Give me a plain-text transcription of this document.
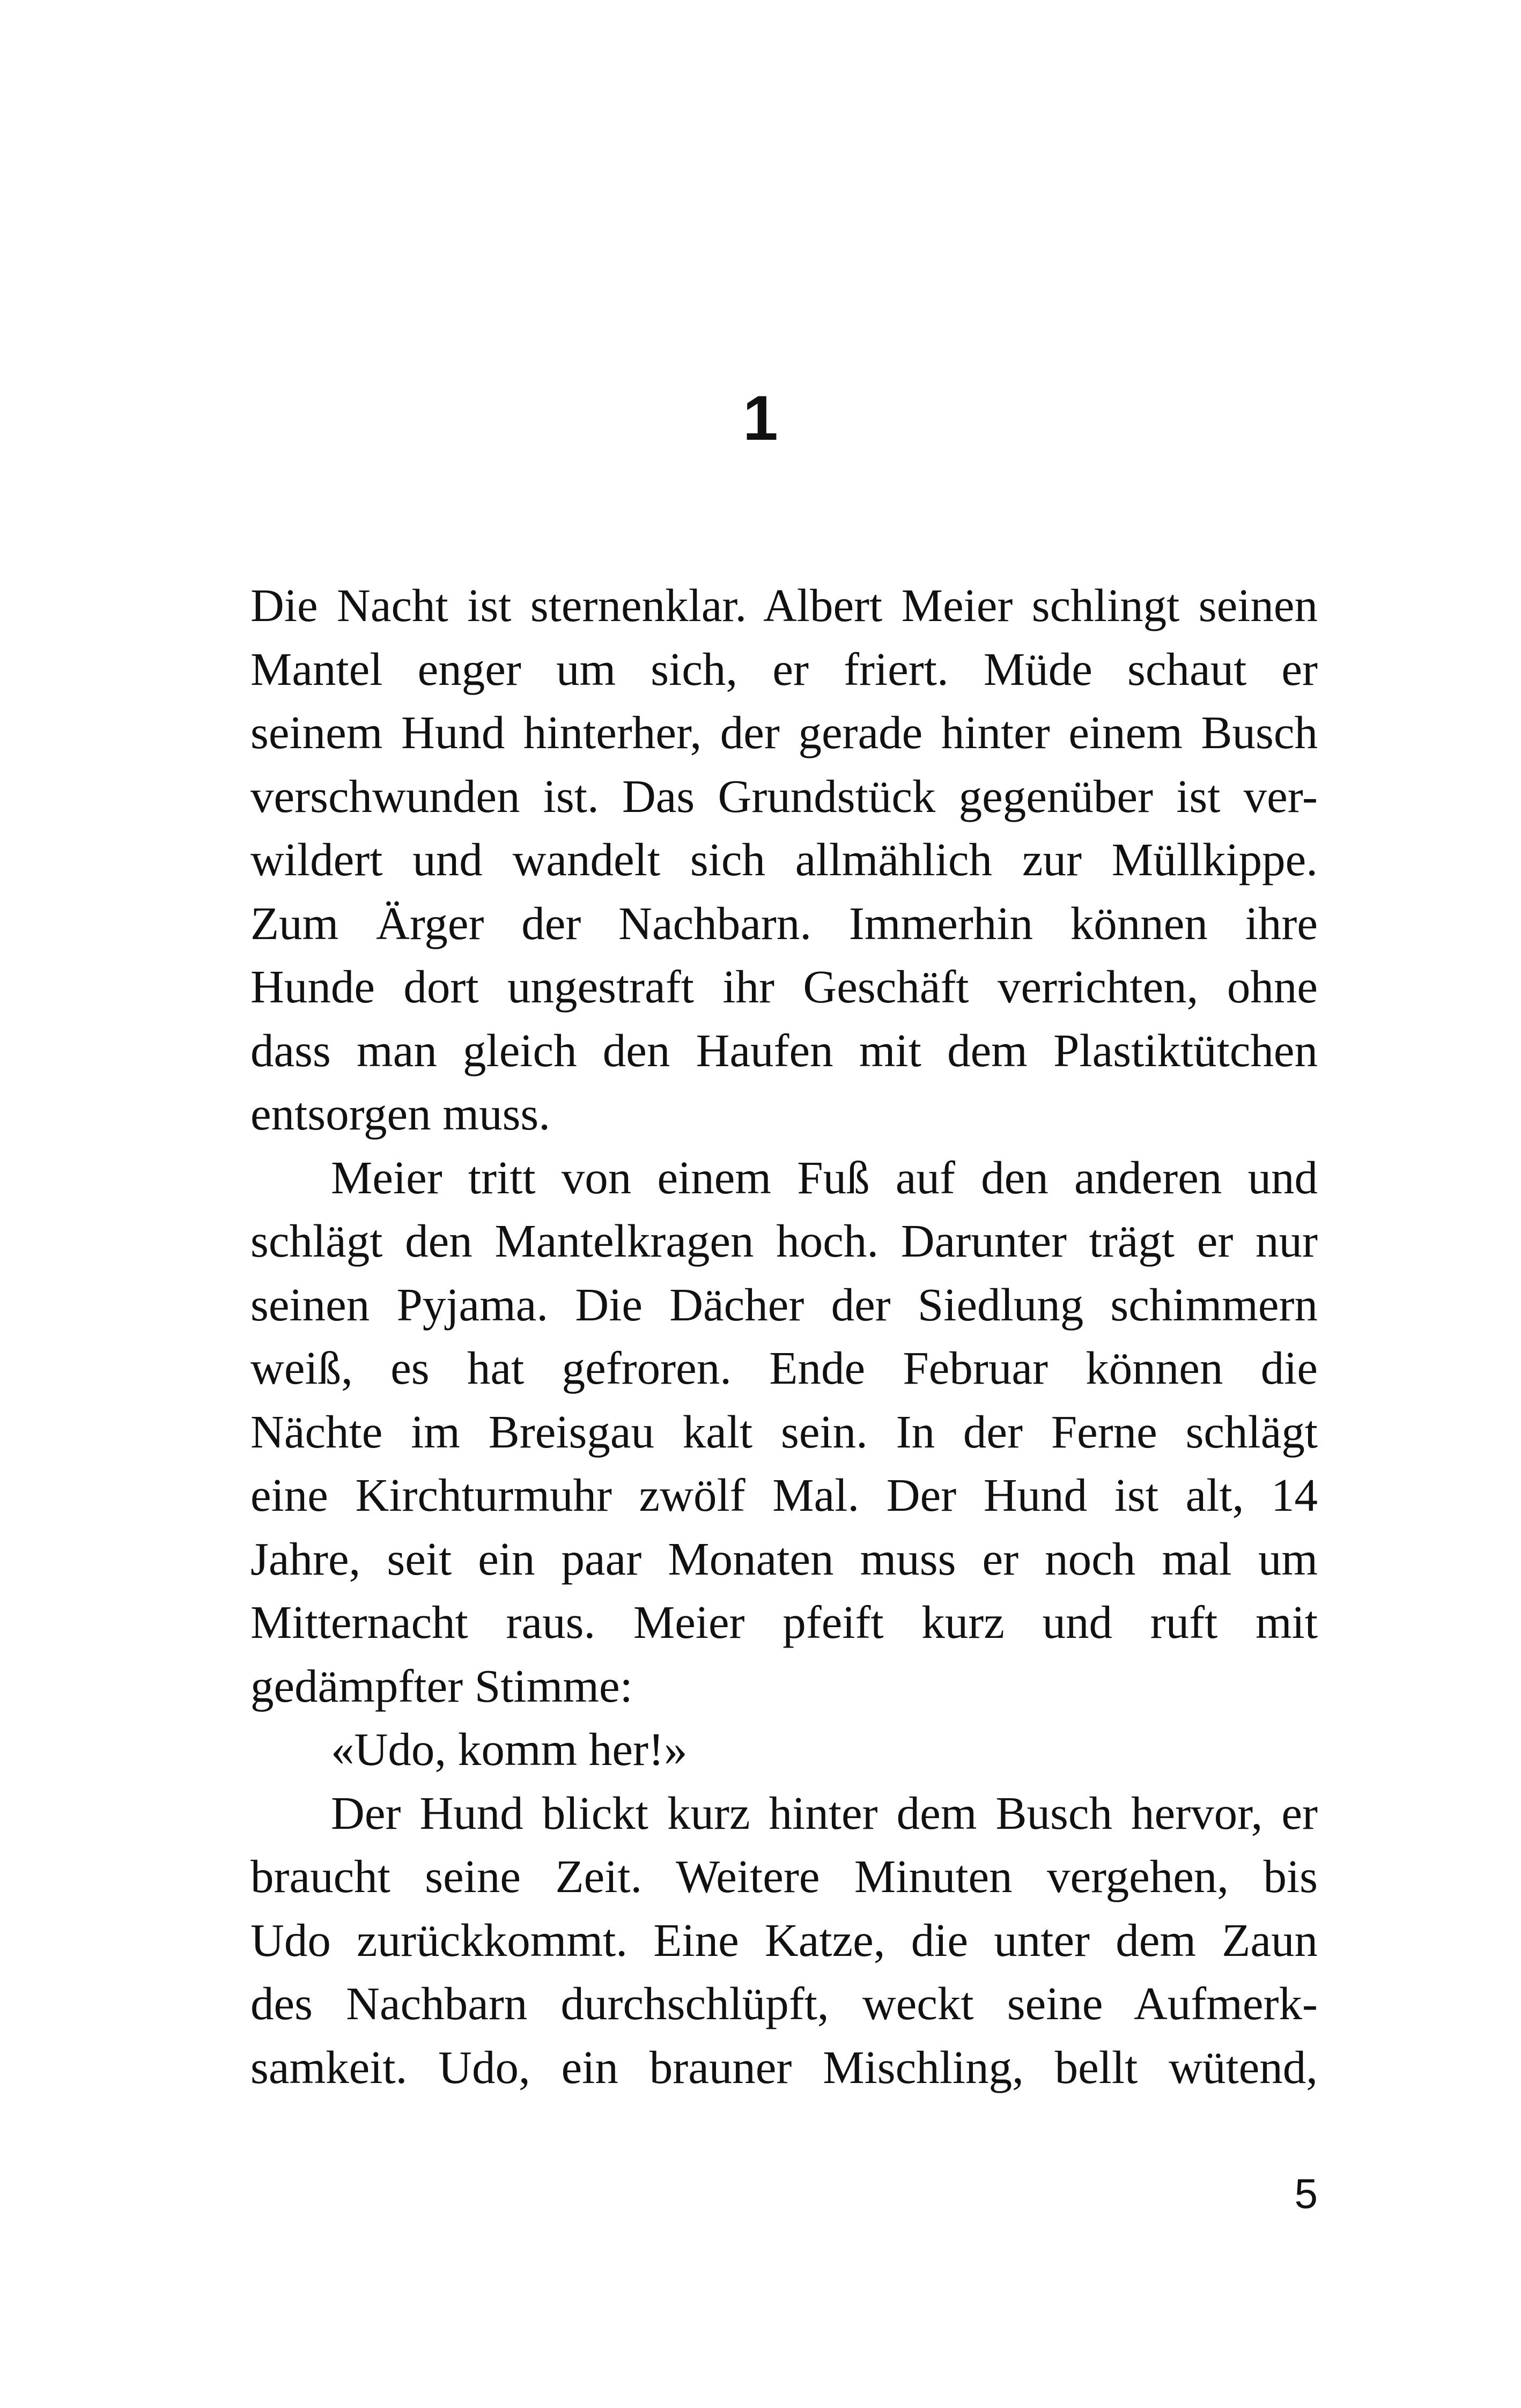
1
Die Nacht ist sternenklar. Albert Meier schlingt seinen
Mantel enger um sich, er friert. Müde schaut er
seinem Hund hinterher, der gerade hinter einem Busch
verschwunden ist. Das Grundstück gegenüber ist ver-
wildert und wandelt sich allmählich zur Müllkippe.
Zum Ärger der Nachbarn. Immerhin können ihre
Hunde dort ungestraft ihr Geschäft verrichten, ohne
dass man gleich den Haufen mit dem Plastiktütchen
entsorgen muss.
Meier tritt von einem Fuß auf den anderen und
schlägt den Mantelkragen hoch. Darunter trägt er nur
seinen Pyjama. Die Dächer der Siedlung schimmern
weiß, es hat gefroren. Ende Februar können die
Nächte im Breisgau kalt sein. In der Ferne schlägt
eine Kirchturmuhr zwölf Mal. Der Hund ist alt, 14
Jahre, seit ein paar Monaten muss er noch mal um
Mitternacht raus. Meier pfeift kurz und ruft mit
gedämpfter Stimme:
«Udo, komm her!»
Der Hund blickt kurz hinter dem Busch hervor, er
braucht seine Zeit. Weitere Minuten vergehen, bis
Udo zurückkommt. Eine Katze, die unter dem Zaun
des Nachbarn durchschlüpft, weckt seine Aufmerk-
samkeit. Udo, ein brauner Mischling, bellt wütend,
5
